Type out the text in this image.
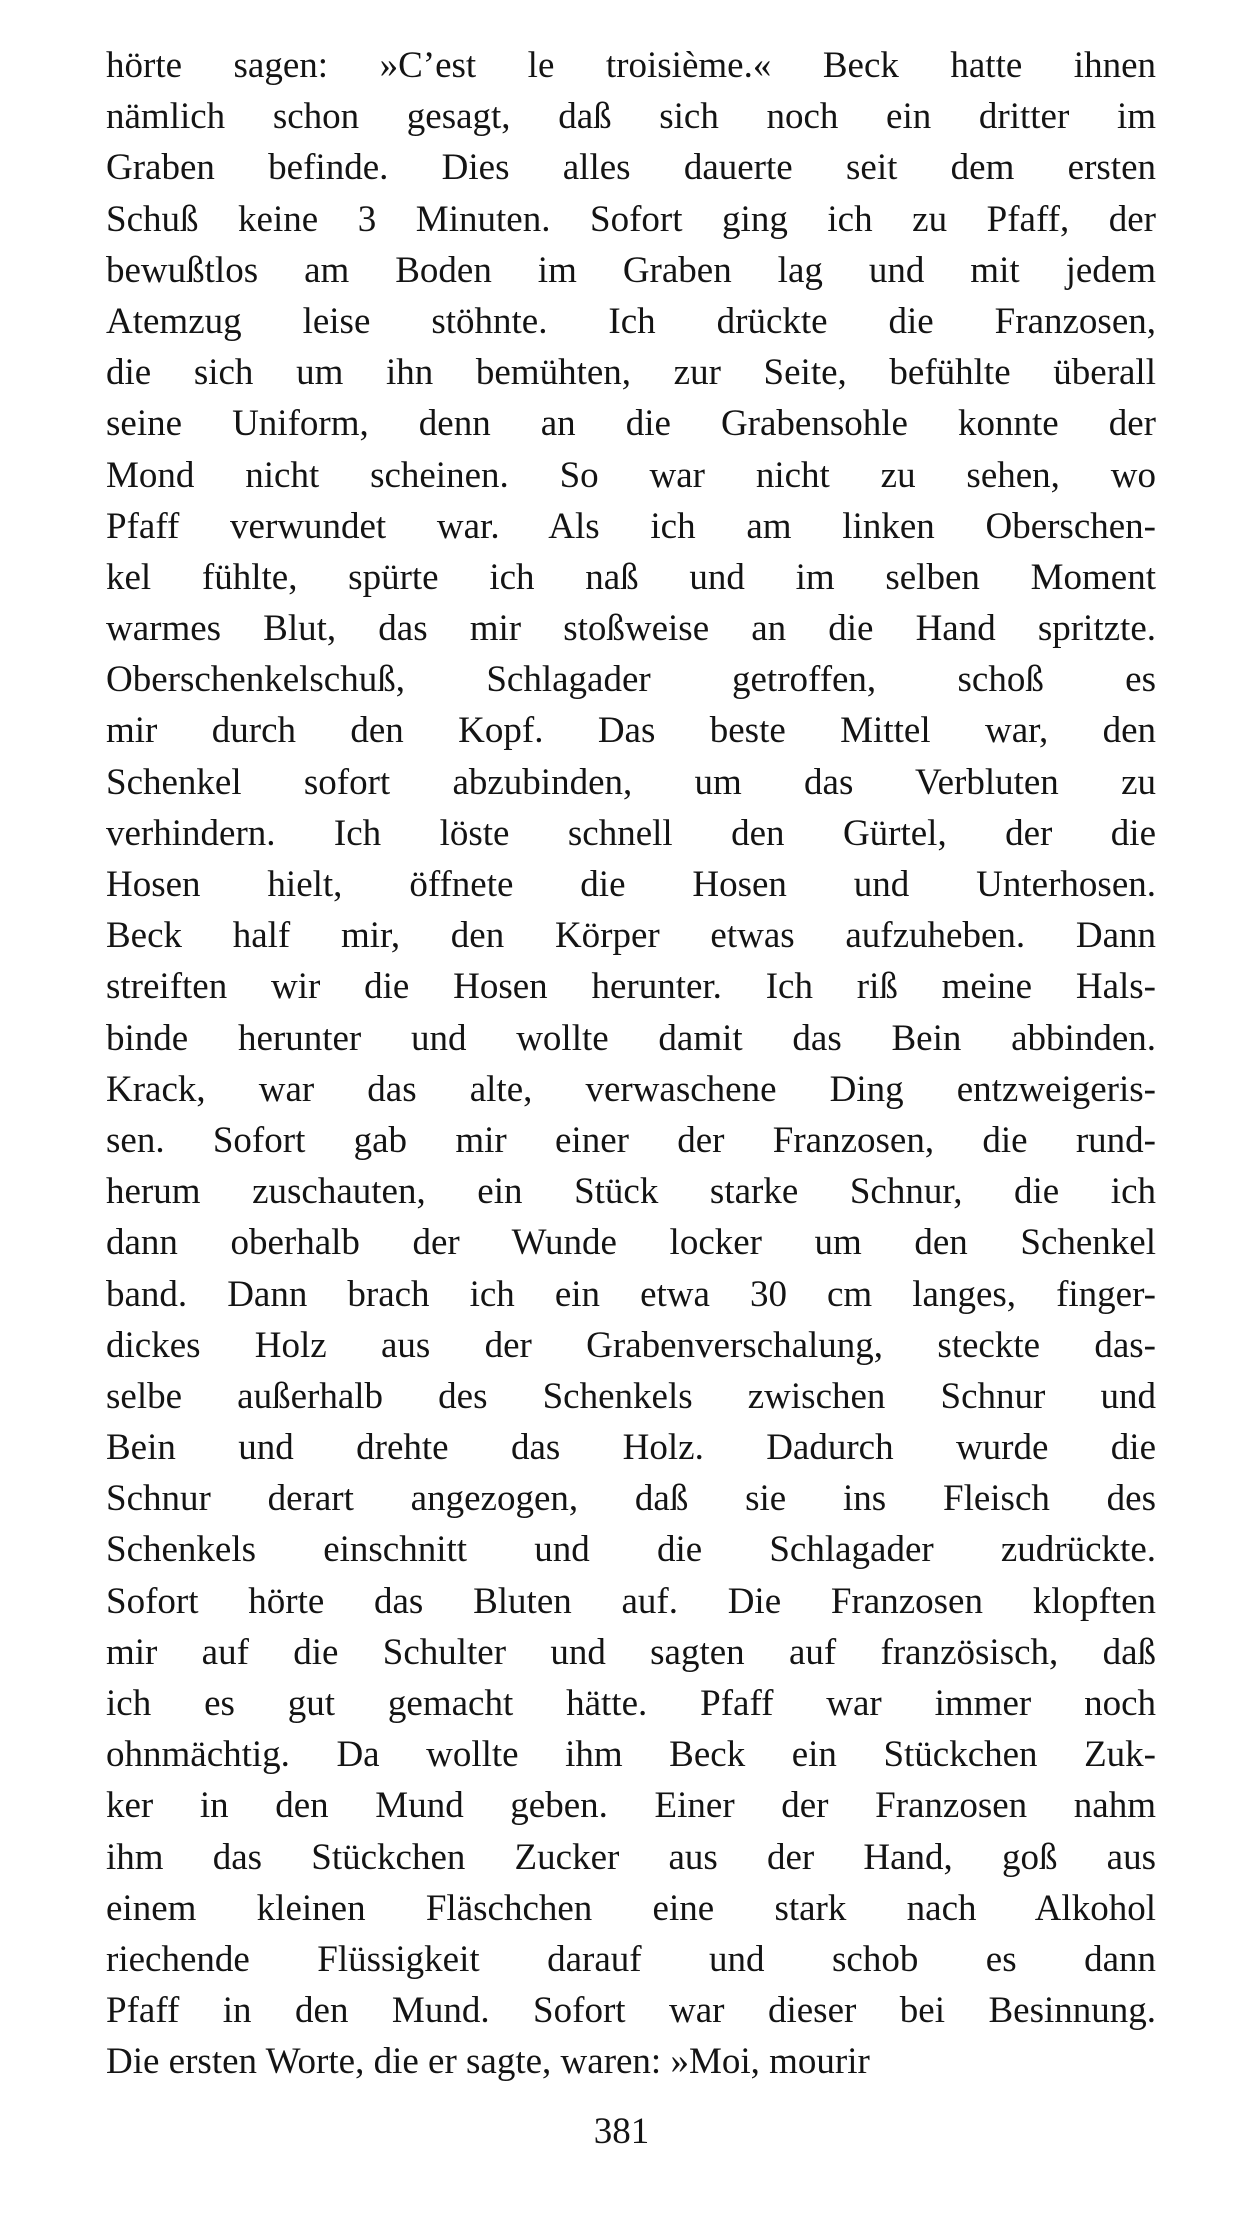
hörte sagen: »C’est le troisième.« Beck hatte ihnen
nämlich schon gesagt, daß sich noch ein dritter im
Graben befinde. Dies alles dauerte seit dem ersten
Schuß keine 3 Minuten. Sofort ging ich zu Pfaff, der
bewußtlos am Boden im Graben lag und mit jedem
Atemzug leise stöhnte. Ich drückte die Franzosen,
die sich um ihn bemühten, zur Seite, befühlte überall
seine Uniform, denn an die Grabensohle konnte der
Mond nicht scheinen. So war nicht zu sehen, wo
Pfaff verwundet war. Als ich am linken Oberschen-
kel fühlte, spürte ich naß und im selben Moment
warmes Blut, das mir stoßweise an die Hand spritzte.
Oberschenkelschuß, Schlagader getroffen, schoß es
mir durch den Kopf. Das beste Mittel war, den
Schenkel sofort abzubinden, um das Verbluten zu
verhindern. Ich löste schnell den Gürtel, der die
Hosen hielt, öffnete die Hosen und Unterhosen.
Beck half mir, den Körper etwas aufzuheben. Dann
streiften wir die Hosen herunter. Ich riß meine Hals-
binde herunter und wollte damit das Bein abbinden.
Krack, war das alte, verwaschene Ding entzweigeris-
sen. Sofort gab mir einer der Franzosen, die rund-
herum zuschauten, ein Stück starke Schnur, die ich
dann oberhalb der Wunde locker um den Schenkel
band. Dann brach ich ein etwa 30 cm langes, finger-
dickes Holz aus der Grabenverschalung, steckte das-
selbe außerhalb des Schenkels zwischen Schnur und
Bein und drehte das Holz. Dadurch wurde die
Schnur derart angezogen, daß sie ins Fleisch des
Schenkels einschnitt und die Schlagader zudrückte.
Sofort hörte das Bluten auf. Die Franzosen klopften
mir auf die Schulter und sagten auf französisch, daß
ich es gut gemacht hätte. Pfaff war immer noch
ohnmächtig. Da wollte ihm Beck ein Stückchen Zuk-
ker in den Mund geben. Einer der Franzosen nahm
ihm das Stückchen Zucker aus der Hand, goß aus
einem kleinen Fläschchen eine stark nach Alkohol
riechende Flüssigkeit darauf und schob es dann
Pfaff in den Mund. Sofort war dieser bei Besinnung.
Die ersten Worte, die er sagte, waren: »Moi, mourir
381
